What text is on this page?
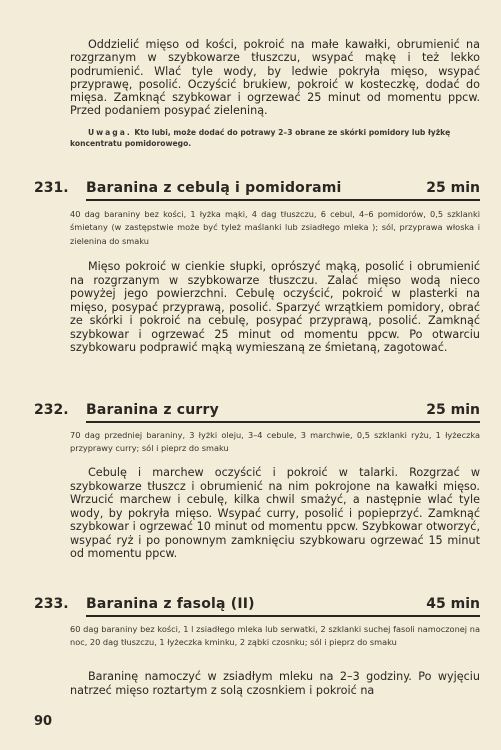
Oddzielić mięso od kości, pokroić na małe kawałki, obrumienić na rozgrzanym w szybkowarze tłuszczu, wsypać mąkę i też lekko podrumienić. Wlać tyle wody, by ledwie pokryła mięso, wsypać przyprawę, posolić. Oczyścić brukiew, pokroić w kosteczkę, dodać do mięsa. Zamknąć szybkowar i ogrzewać 25 minut od momentu ppcw. Przed podaniem posypać zieleniną.

Uwaga. Kto lubi, może dodać do potrawy 2–3 obrane ze skórki pomidory lub łyżkę koncentratu pomidorowego.

231. Baranina z cebulą i pomidorami	25 min

40 dag baraniny bez kości, 1 łyżka mąki, 4 dag tłuszczu, 6 cebul, 4–6 pomidorów, 0,5 szklanki śmietany (w zastępstwie może być tyleż maślanki lub zsiadłego mleka ); sól, przyprawa włoska i zielenina do smaku

Mięso pokroić w cienkie słupki, oprószyć mąką, posolić i obrumienić na rozgrzanym w szybkowarze tłuszczu. Zalać mięso wodą nieco powyżej jego powierzchni. Cebulę oczyścić, pokroić w plasterki na mięso, posypać przyprawą, posolić. Sparzyć wrzątkiem pomidory, obrać ze skórki i pokroić na cebulę, posypać przyprawą, posolić. Zamknąć szybkowar i ogrzewać 25 minut od momentu ppcw. Po otwarciu szybkowaru podprawić mąką wymieszaną ze śmietaną, zagotować.

232. Baranina z curry	25 min

70 dag przedniej baraniny, 3 łyżki oleju, 3–4 cebule, 3 marchwie, 0,5 szklanki ryżu, 1 łyżeczka przyprawy curry; sól i pieprz do smaku

Cebulę i marchew oczyścić i pokroić w talarki. Rozgrzać w szybkowarze tłuszcz i obrumienić na nim pokrojone na kawałki mięso. Wrzucić marchew i cebulę, kilka chwil smażyć, a następnie wlać tyle wody, by pokryła mięso. Wsypać curry, posolić i popieprzyć. Zamknąć szybkowar i ogrzewać 10 minut od momentu ppcw. Szybkowar otworzyć, wsypać ryż i po ponownym zamknięciu szybkowaru ogrzewać 15 minut od momentu ppcw.

233. Baranina z fasolą (II)	45 min

60 dag baraniny bez kości, 1 l zsiadłego mleka lub serwatki, 2 szklanki suchej fasoli namoczonej na noc, 20 dag tłuszczu, 1 łyżeczka kminku, 2 ząbki czosnku; sól i pieprz do smaku

Baraninę namoczyć w zsiadłym mleku na 2–3 godziny. Po wyjęciu natrzeć mięso roztartym z solą czosnkiem i pokroić na

90
